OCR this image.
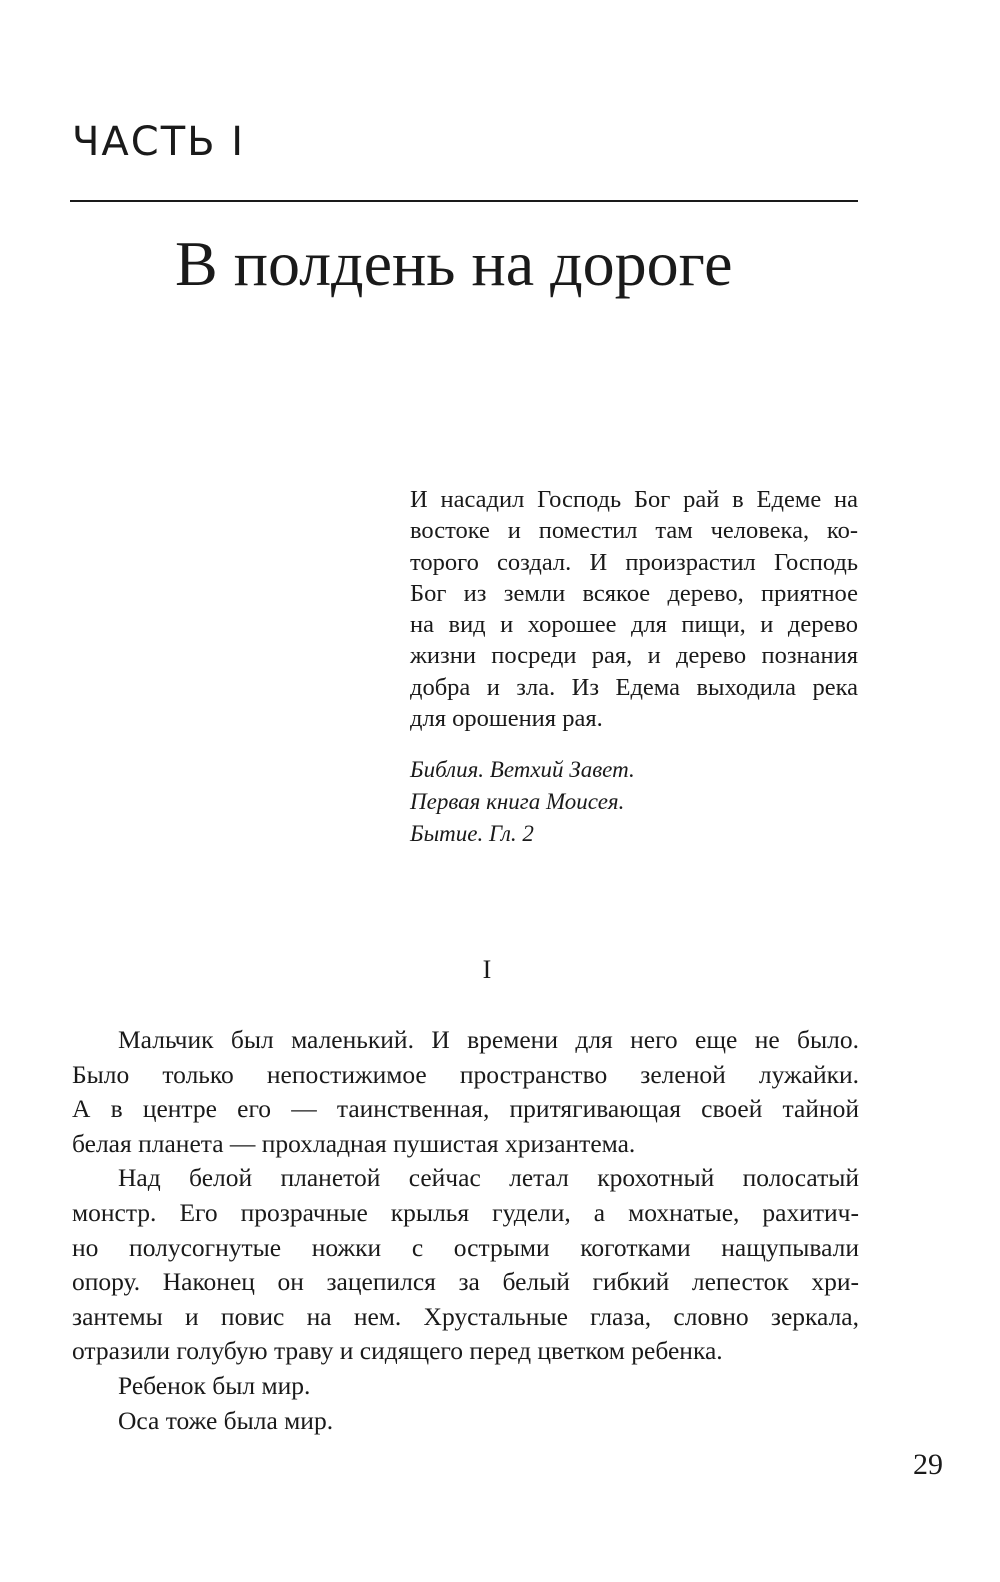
ЧАСТЬ I
В полдень на дороге
И насадил Господь Бог рай в Едеме на
востоке и поместил там человека, ко-
торого создал. И произрастил Господь
Бог из земли всякое дерево, приятное
на вид и хорошее для пищи, и дерево
жизни посреди рая, и дерево познания
добра и зла. Из Едема выходила река
для орошения рая.
Библия. Ветхий Завет.
Первая книга Моисея.
Бытие. Гл. 2
I
Мальчик был маленький. И времени для него еще не было.
Было только непостижимое пространство зеленой лужайки.
А в центре его — таинственная, притягивающая своей тайной
белая планета — прохладная пушистая хризантема.
Над белой планетой сейчас летал крохотный полосатый
монстр. Его прозрачные крылья гудели, а мохнатые, рахитич-
но полусогнутые ножки с острыми коготками нащупывали
опору. Наконец он зацепился за белый гибкий лепесток хри-
зантемы и повис на нем. Хрустальные глаза, словно зеркала,
отразили голубую траву и сидящего перед цветком ребенка.
Ребенок был мир.
Оса тоже была мир.
29
